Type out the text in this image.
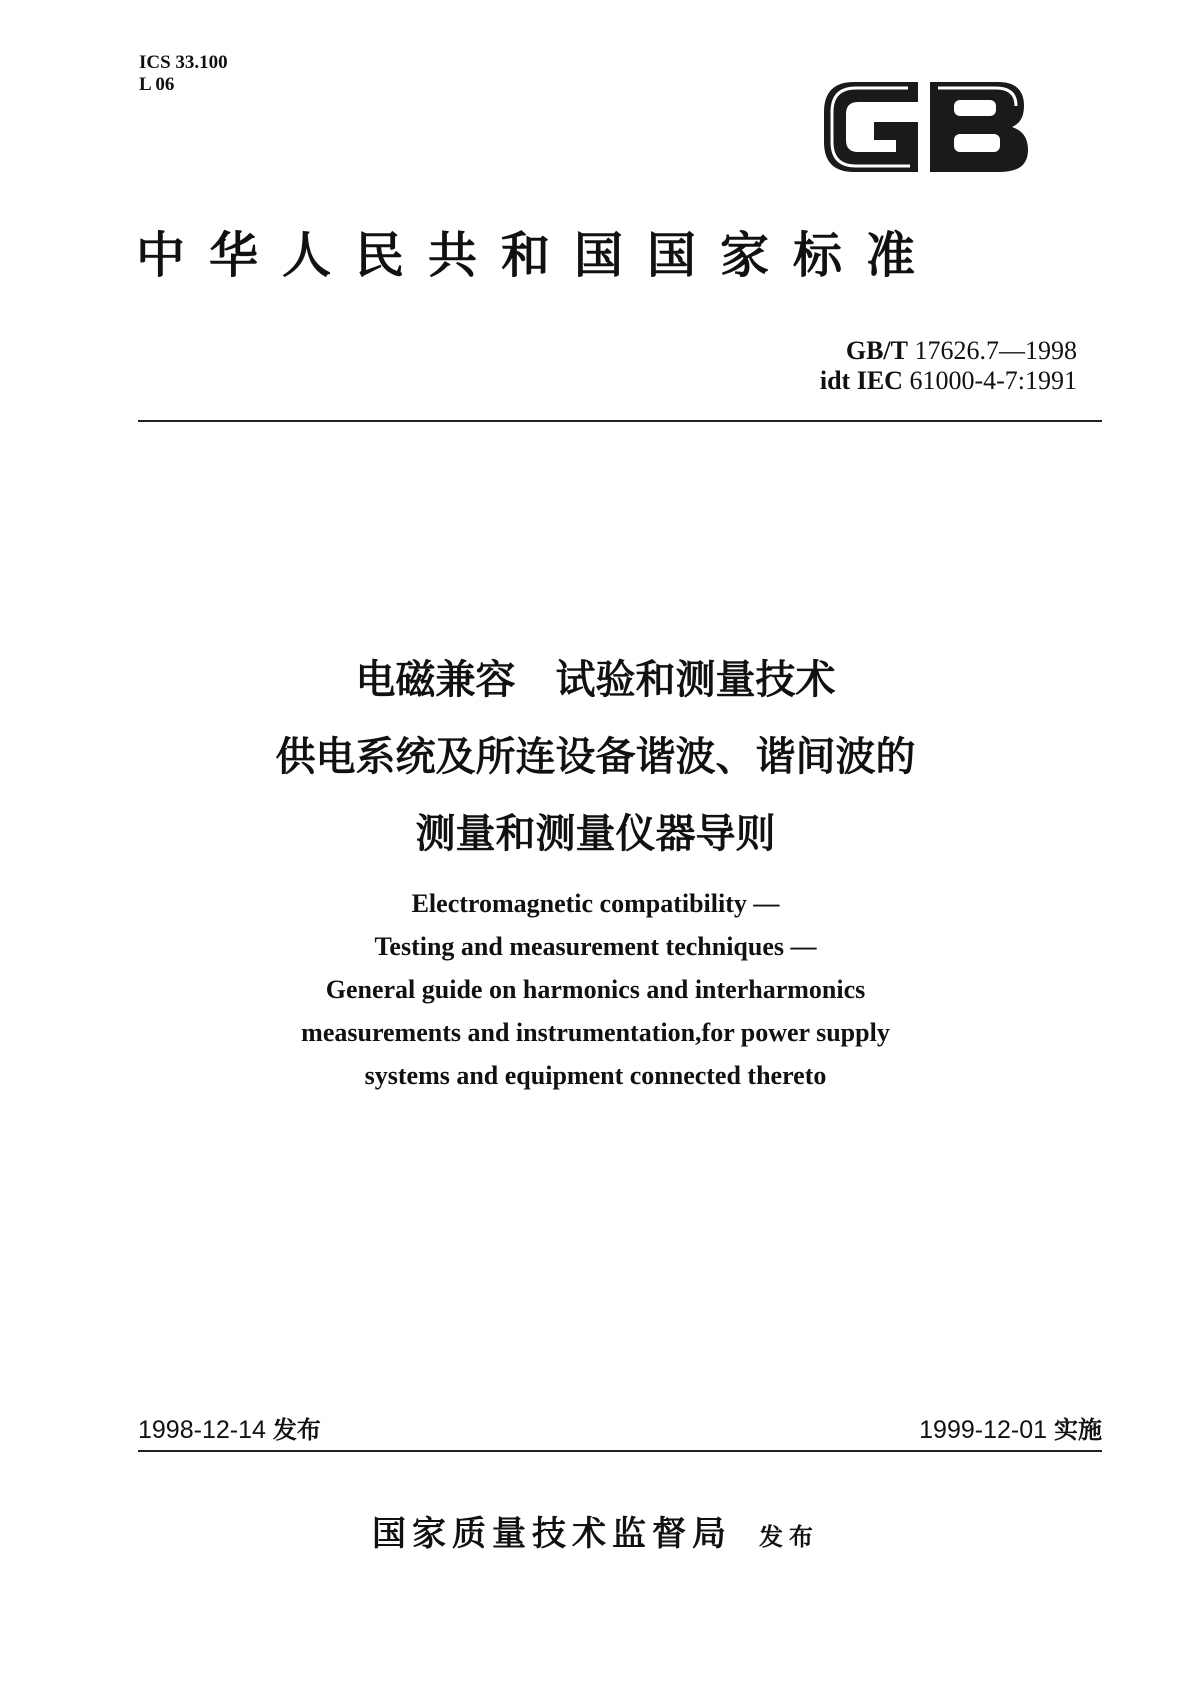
ICS 33.100
L 06
中华人民共和国国家标准
GB/T 17626.7—1998
idt IEC 61000-4-7:1991
电磁兼容　试验和测量技术
供电系统及所连设备谐波、谐间波的
测量和测量仪器导则
Electromagnetic compatibility —
Testing and measurement techniques —
General guide on harmonics and interharmonics
measurements and instrumentation,for power supply
systems and equipment connected thereto
1998-12-14 发布	1999-12-01 实施
国家质量技术监督局 发布
